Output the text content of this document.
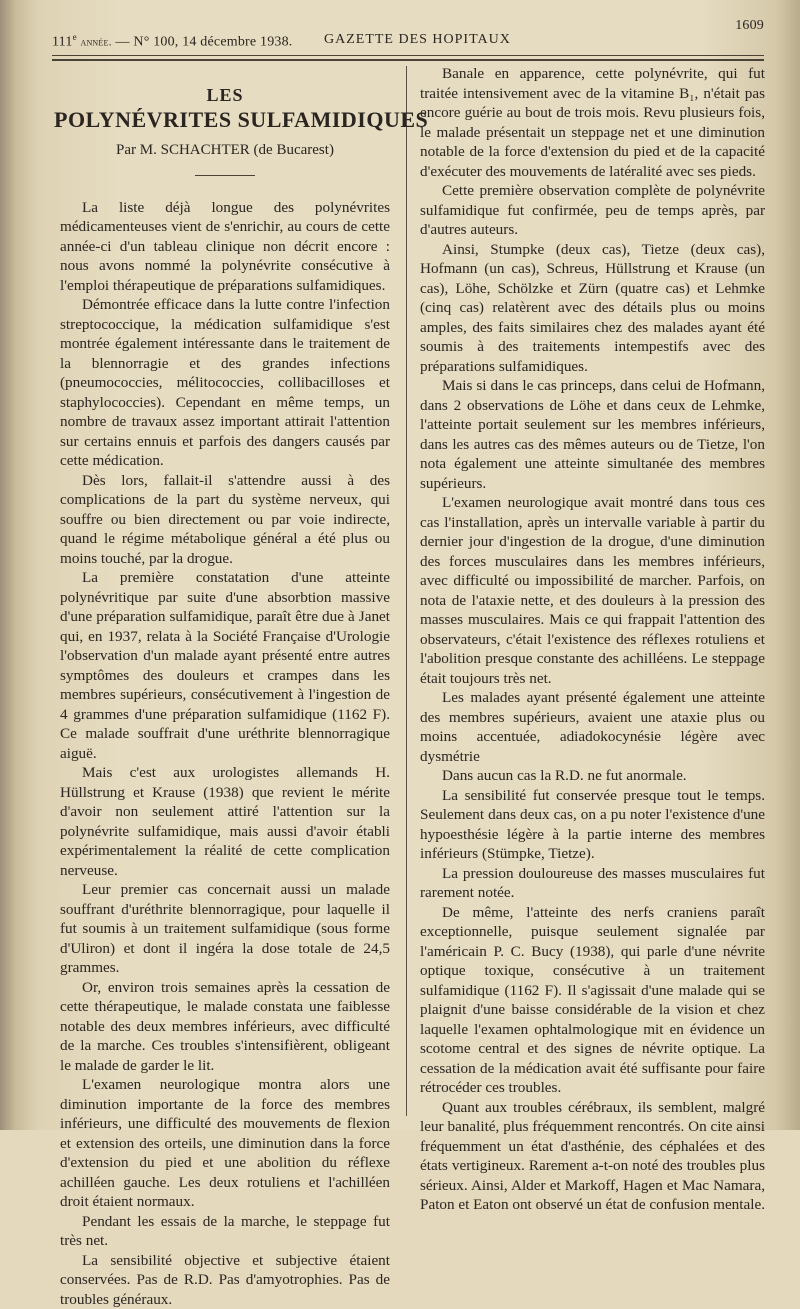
111e année. — N° 100, 14 décembre 1938. GAZETTE DES HOPITAUX
1609
LES
POLYNÉVRITES SULFAMIDIQUES
Par M. SCHACHTER (de Bucarest)

La liste déjà longue des polynévrites médicamenteuses vient de s'enrichir, au cours de cette année-ci d'un tableau clinique non décrit encore : nous avons nommé la polynévrite consécutive à l'emploi thérapeutique de préparations sulfamidiques.

Démontrée efficace dans la lutte contre l'infection streptococcique, la médication sulfamidique s'est montrée également intéressante dans le traitement de la blennorragie et des grandes infections (pneumococcies, mélitococcies, collibacilloses et staphylococcies). Cependant en même temps, un nombre de travaux assez important attirait l'attention sur certains ennuis et parfois des dangers causés par cette médication.

Dès lors, fallait-il s'attendre aussi à des complications de la part du système nerveux, qui souffre ou bien directement ou par voie indirecte, quand le régime métabolique général a été plus ou moins touché, par la drogue.

La première constatation d'une atteinte polynévritique par suite d'une absorbtion massive d'une préparation sulfamidique, paraît être due à Janet qui, en 1937, relata à la Société Française d'Urologie l'observation d'un malade ayant présenté entre autres symptômes des douleurs et crampes dans les membres supérieurs, consécutivement à l'ingestion de 4 grammes d'une préparation sulfamidique (1162 F). Ce malade souffrait d'une uréthrite blennorragique aiguë.

Mais c'est aux urologistes allemands H. Hüllstrung et Krause (1938) que revient le mérite d'avoir non seulement attiré l'attention sur la polynévrite sulfamidique, mais aussi d'avoir établi expérimentalement la réalité de cette complication nerveuse.

Leur premier cas concernait aussi un malade souffrant d'uréthrite blennorragique, pour laquelle il fut soumis à un traitement sulfamidique (sous forme d'Uliron) et dont il ingéra la dose totale de 24,5 grammes.

Or, environ trois semaines après la cessation de cette thérapeutique, le malade constata une faiblesse notable des deux membres inférieurs, avec difficulté de la marche. Ces troubles s'intensifièrent, obligeant le malade de garder le lit.

L'examen neurologique montra alors une diminution importante de la force des membres inférieurs, une difficulté des mouvements de flexion et extension des orteils, une diminution dans la force d'extension du pied et une abolition du réflexe achilléen gauche. Les deux rotuliens et l'achilléen droit étaient normaux.

Pendant les essais de la marche, le steppage fut très net.

La sensibilité objective et subjective étaient conservées. Pas de R.D. Pas d'amyotrophies. Pas de troubles généraux.

Banale en apparence, cette polynévrite, qui fut traitée intensivement avec de la vitamine B₁, n'était pas encore guérie au bout de trois mois. Revu plusieurs fois, le malade présentait un steppage net et une diminution notable de la force d'extension du pied et de la capacité d'exécuter des mouvements de latéralité avec ses pieds.

Cette première observation complète de polynévrite sulfamidique fut confirmée, peu de temps après, par d'autres auteurs.

Ainsi, Stumpke (deux cas), Tietze (deux cas), Hofmann (un cas), Schreus, Hüllstrung et Krause (un cas), Löhe, Schölzke et Zürn (quatre cas) et Lehmke (cinq cas) relatèrent avec des détails plus ou moins amples, des faits similaires chez des malades ayant été soumis à des traitements intempestifs avec des préparations sulfamidiques.

Mais si dans le cas princeps, dans celui de Hofmann, dans 2 observations de Löhe et dans ceux de Lehmke, l'atteinte portait seulement sur les membres inférieurs, dans les autres cas des mêmes auteurs ou de Tietze, l'on nota également une atteinte simultanée des membres supérieurs.

L'examen neurologique avait montré dans tous ces cas l'installation, après un intervalle variable à partir du dernier jour d'ingestion de la drogue, d'une diminution des forces musculaires dans les membres inférieurs, avec difficulté ou impossibilité de marcher. Parfois, on nota de l'ataxie nette, et des douleurs à la pression des masses musculaires. Mais ce qui frappait l'attention des observateurs, c'était l'existence des réflexes rotuliens et l'abolition presque constante des achilléens. Le steppage était toujours très net.

Les malades ayant présenté également une atteinte des membres supérieurs, avaient une ataxie plus ou moins accentuée, adiadokocynésie légère avec dysmétrie

Dans aucun cas la R.D. ne fut anormale.

La sensibilité fut conservée presque tout le temps. Seulement dans deux cas, on a pu noter l'existence d'une hypoesthésie légère à la partie interne des membres inférieurs (Stümpke, Tietze).

La pression douloureuse des masses musculaires fut rarement notée.

De même, l'atteinte des nerfs craniens paraît exceptionnelle, puisque seulement signalée par l'américain P. C. Bucy (1938), qui parle d'une névrite optique toxique, consécutive à un traitement sulfamidique (1162 F). Il s'agissait d'une malade qui se plaignit d'une baisse considérable de la vision et chez laquelle l'examen ophtalmologique mit en évidence un scotome central et des signes de névrite optique. La cessation de la médication avait été suffisante pour faire rétrocéder ces troubles.

Quant aux troubles cérébraux, ils semblent, malgré leur banalité, plus fréquemment rencontrés. On cite ainsi fréquemment un état d'asthénie, des céphalées et des états vertigineux. Rarement a-t-on noté des troubles plus sérieux. Ainsi, Alder et Markoff, Hagen et Mac Namara, Paton et Eaton ont observé un état de confusion mentale.
